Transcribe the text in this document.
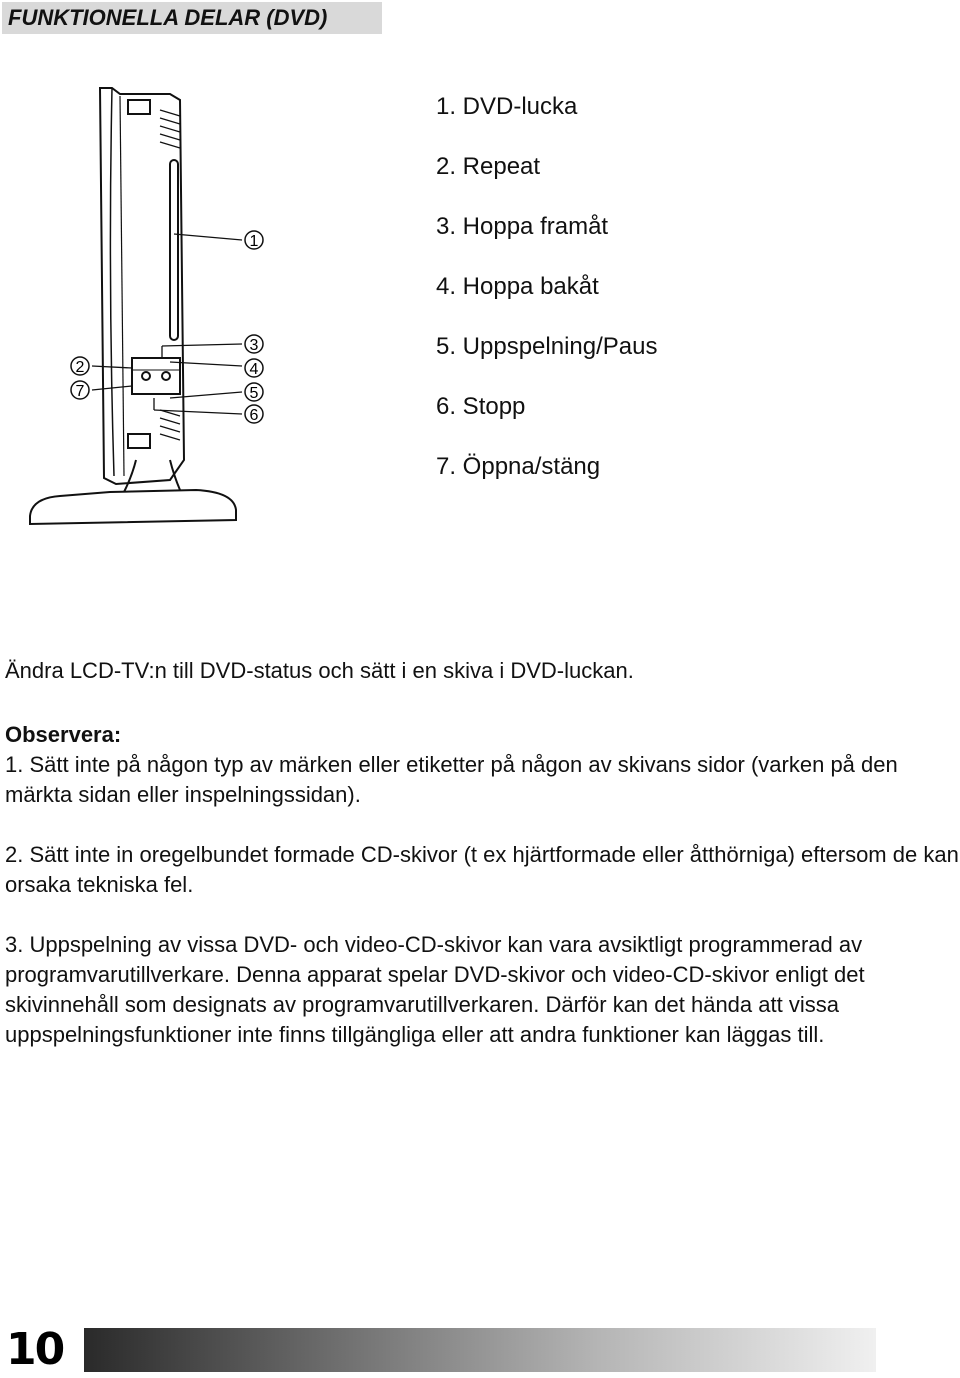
FUNKTIONELLA DELAR (DVD)
1
3
4
5
6
2
7
1. DVD-lucka
2. Repeat
3. Hoppa framåt
4. Hoppa bakåt
5. Uppspelning/Paus
6. Stopp
7. Öppna/stäng

Ändra LCD-TV:n till DVD-status och sätt i en skiva i DVD-luckan.

Observera:

1. Sätt inte på någon typ av märken eller etiketter på någon av skivans sidor (varken på den märkta sidan eller inspelningssidan).

2. Sätt inte in oregelbundet formade CD-skivor (t ex hjärtformade eller åtthörniga) eftersom de kan orsaka tekniska fel.

3. Uppspelning av vissa DVD- och video-CD-skivor kan vara avsiktligt programmerad av programvarutillverkare. Denna apparat spelar DVD-skivor och video-CD-skivor enligt det skivinnehåll som designats av programvarutillverkaren. Därför kan det hända att vissa uppspelningsfunktioner inte finns tillgängliga eller att andra funktioner kan läggas till.

10
